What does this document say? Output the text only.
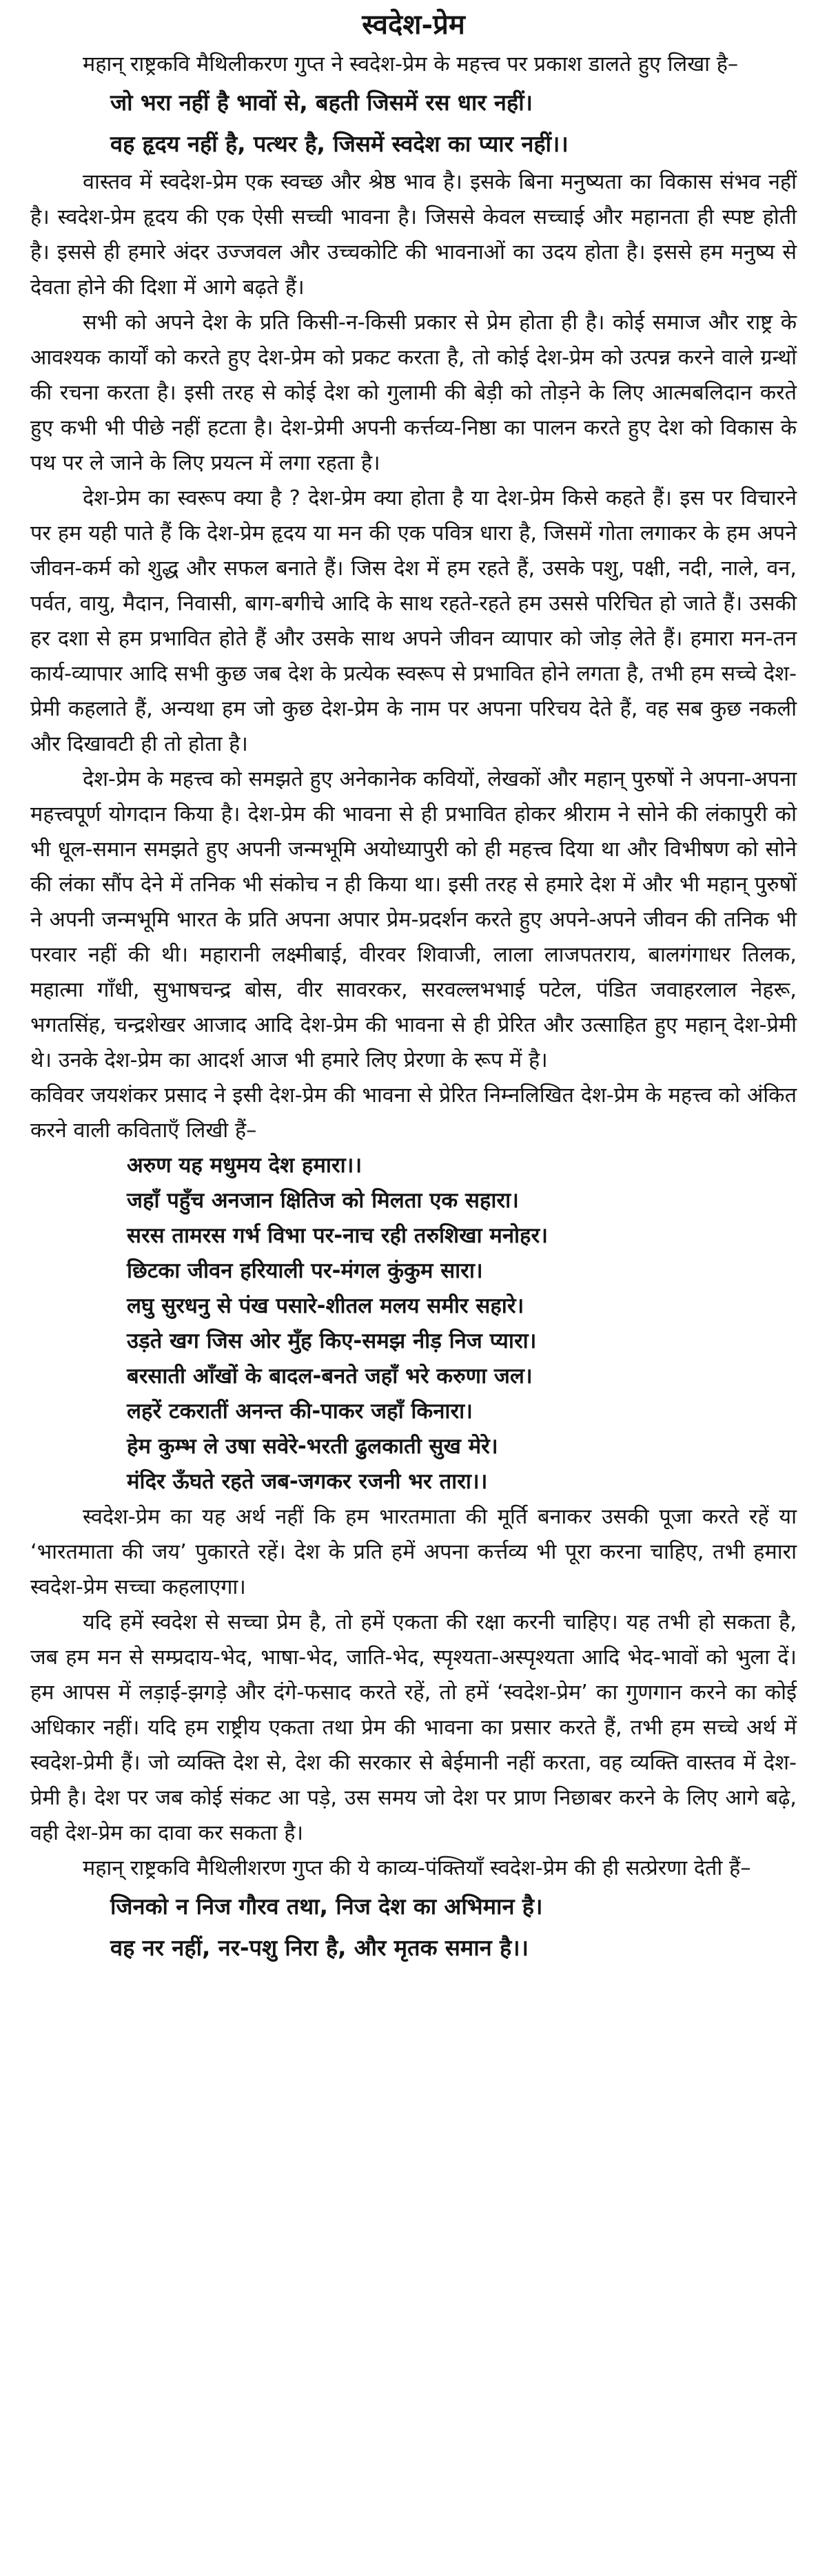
स्वदेश-प्रेम

महान् राष्ट्रकवि मैथिलीकरण गुप्त ने स्वदेश-प्रेम के महत्त्व पर प्रकाश डालते हुए लिखा है–

जो भरा नहीं है भावों से, बहती जिसमें रस धार नहीं।
वह हृदय नहीं है, पत्थर है, जिसमें स्वदेश का प्यार नहीं।।

वास्तव में स्वदेश-प्रेम एक स्वच्छ और श्रेष्ठ भाव है। इसके बिना मनुष्यता का विकास संभव नहीं है। स्वदेश-प्रेम हृदय की एक ऐसी सच्ची भावना है। जिससे केवल सच्चाई और महानता ही स्पष्ट होती है। इससे ही हमारे अंदर उज्जवल और उच्चकोटि की भावनाओं का उदय होता है। इससे हम मनुष्य से देवता होने की दिशा में आगे बढ़ते हैं।

सभी को अपने देश के प्रति किसी-न-किसी प्रकार से प्रेम होता ही है। कोई समाज और राष्ट्र के आवश्यक कार्यों को करते हुए देश-प्रेम को प्रकट करता है, तो कोई देश-प्रेम को उत्पन्न करने वाले ग्रन्थों की रचना करता है। इसी तरह से कोई देश को गुलामी की बेड़ी को तोड़ने के लिए आत्मबलिदान करते हुए कभी भी पीछे नहीं हटता है। देश-प्रेमी अपनी कर्त्तव्य-निष्ठा का पालन करते हुए देश को विकास के पथ पर ले जाने के लिए प्रयत्न में लगा रहता है।

देश-प्रेम का स्वरूप क्या है ? देश-प्रेम क्या होता है या देश-प्रेम किसे कहते हैं। इस पर विचारने पर हम यही पाते हैं कि देश-प्रेम हृदय या मन की एक पवित्र धारा है, जिसमें गोता लगाकर के हम अपने जीवन-कर्म को शुद्ध और सफल बनाते हैं। जिस देश में हम रहते हैं, उसके पशु, पक्षी, नदी, नाले, वन, पर्वत, वायु, मैदान, निवासी, बाग-बगीचे आदि के साथ रहते-रहते हम उससे परिचित हो जाते हैं। उसकी हर दशा से हम प्रभावित होते हैं और उसके साथ अपने जीवन व्यापार को जोड़ लेते हैं। हमारा मन-तन कार्य-व्यापार आदि सभी कुछ जब देश के प्रत्येक स्वरूप से प्रभावित होने लगता है, तभी हम सच्चे देश-प्रेमी कहलाते हैं, अन्यथा हम जो कुछ देश-प्रेम के नाम पर अपना परिचय देते हैं, वह सब कुछ नकली और दिखावटी ही तो होता है।

देश-प्रेम के महत्त्व को समझते हुए अनेकानेक कवियों, लेखकों और महान् पुरुषों ने अपना-अपना महत्त्वपूर्ण योगदान किया है। देश-प्रेम की भावना से ही प्रभावित होकर श्रीराम ने सोने की लंकापुरी को भी धूल-समान समझते हुए अपनी जन्मभूमि अयोध्यापुरी को ही महत्त्व दिया था और विभीषण को सोने की लंका सौंप देने में तनिक भी संकोच न ही किया था। इसी तरह से हमारे देश में और भी महान् पुरुषों ने अपनी जन्मभूमि भारत के प्रति अपना अपार प्रेम-प्रदर्शन करते हुए अपने-अपने जीवन की तनिक भी परवार नहीं की थी। महारानी लक्ष्मीबाई, वीरवर शिवाजी, लाला लाजपतराय, बालगंगाधर तिलक, महात्मा गाँधी, सुभाषचन्द्र बोस, वीर सावरकर, सरवल्लभभाई पटेल, पंडित जवाहरलाल नेहरू, भगतसिंह, चन्द्रशेखर आजाद आदि देश-प्रेम की भावना से ही प्रेरित और उत्साहित हुए महान् देश-प्रेमी थे। उनके देश-प्रेम का आदर्श आज भी हमारे लिए प्रेरणा के रूप में है।

कविवर जयशंकर प्रसाद ने इसी देश-प्रेम की भावना से प्रेरित निम्नलिखित देश-प्रेम के महत्त्व को अंकित करने वाली कविताएँ लिखी हैं–

अरुण यह मधुमय देश हमारा।।
जहाँ पहुँच अनजान क्षितिज को मिलता एक सहारा।
सरस तामरस गर्भ विभा पर-नाच रही तरुशिखा मनोहर।
छिटका जीवन हरियाली पर-मंगल कुंकुम सारा।
लघु सुरधनु से पंख पसारे-शीतल मलय समीर सहारे।
उड़ते खग जिस ओर मुँह किए-समझ नीड़ निज प्यारा।
बरसाती आँखों के बादल-बनते जहाँ भरे करुणा जल।
लहरें टकरातीं अनन्त की-पाकर जहाँ किनारा।
हेम कुम्भ ले उषा सवेरे-भरती ढुलकाती सुख मेरे।
मंदिर ऊँघते रहते जब-जगकर रजनी भर तारा।।

स्वदेश-प्रेम का यह अर्थ नहीं कि हम भारतमाता की मूर्ति बनाकर उसकी पूजा करते रहें या ‘भारतमाता की जय’ पुकारते रहें। देश के प्रति हमें अपना कर्त्तव्य भी पूरा करना चाहिए, तभी हमारा स्वदेश-प्रेम सच्चा कहलाएगा।

यदि हमें स्वदेश से सच्चा प्रेम है, तो हमें एकता की रक्षा करनी चाहिए। यह तभी हो सकता है, जब हम मन से सम्प्रदाय-भेद, भाषा-भेद, जाति-भेद, स्पृश्यता-अस्पृश्यता आदि भेद-भावों को भुला दें। हम आपस में लड़ाई-झगड़े और दंगे-फसाद करते रहें, तो हमें ‘स्वदेश-प्रेम’ का गुणगान करने का कोई अधिकार नहीं। यदि हम राष्ट्रीय एकता तथा प्रेम की भावना का प्रसार करते हैं, तभी हम सच्चे अर्थ में स्वदेश-प्रेमी हैं। जो व्यक्ति देश से, देश की सरकार से बेईमानी नहीं करता, वह व्यक्ति वास्तव में देश-प्रेमी है। देश पर जब कोई संकट आ पड़े, उस समय जो देश पर प्राण निछाबर करने के लिए आगे बढ़े, वही देश-प्रेम का दावा कर सकता है।

महान् राष्ट्रकवि मैथिलीशरण गुप्त की ये काव्य-पंक्तियाँ स्वदेश-प्रेम की ही सत्प्रेरणा देती हैं–

जिनको न निज गौरव तथा, निज देश का अभिमान है।
वह नर नहीं, नर-पशु निरा है, और मृतक समान है।।
